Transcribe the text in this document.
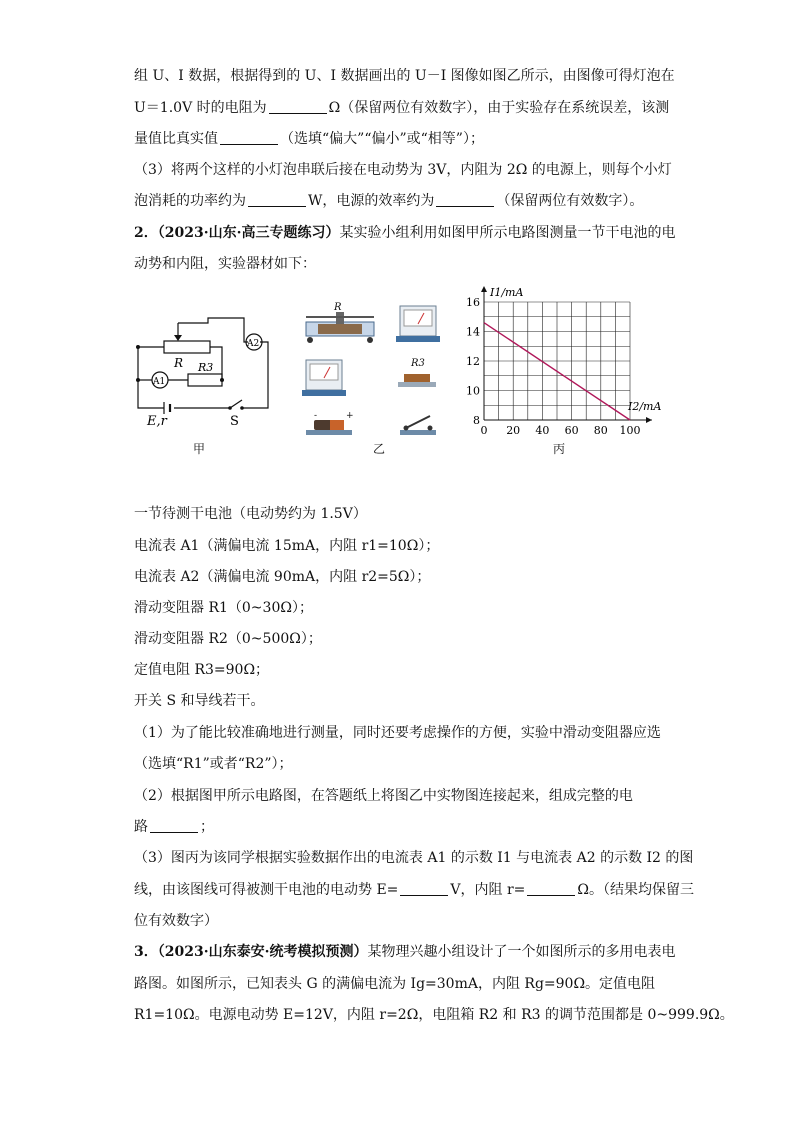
组 U、I 数据，根据得到的 U、I 数据画出的 U－I 图像如图乙所示，由图像可得灯泡在
U＝1.0V 时的电阻为	Ω（保留两位有效数字），由于实验存在系统误差，该测
量值比真实值	（选填“偏大”“偏小”或“相等”）；
（3）将两个这样的小灯泡串联后接在电动势为 3V，内阻为 2Ω 的电源上，则每个小灯
泡消耗的功率约为	W，电源的效率约为	（保留两位有效数字）。
2．（2023·山东·高三专题练习）某实验小组利用如图甲所示电路图测量一节干电池的电
动势和内阻，实验器材如下：
R R3
A1
A2
E,r	S
甲
R
R3
-	+
乙
0 20 40 60 80 100
8
10
12
14
16
I1/mA
I2/mA
丙
一节待测干电池（电动势约为 1.5V）
电流表 A1（满偏电流 15mA，内阻 r1=10Ω）；
电流表 A2（满偏电流 90mA，内阻 r2=5Ω）；
滑动变阻器 R1（0~30Ω）；
滑动变阻器 R2（0~500Ω）；
定值电阻 R3=90Ω；
开关 S 和导线若干。
（1）为了能比较准确地进行测量，同时还要考虑操作的方便，实验中滑动变阻器应选
（选填“R1”或者“R2”）；
（2）根据图甲所示电路图，在答题纸上将图乙中实物图连接起来，组成完整的电
路	；
（3）图丙为该同学根据实验数据作出的电流表 A1 的示数 I1 与电流表 A2 的示数 I2 的图
线，由该图线可得被测干电池的电动势 E=	V，内阻 r=	Ω。（结果均保留三
位有效数字）
3．（2023·山东泰安·统考模拟预测）某物理兴趣小组设计了一个如图所示的多用电表电
路图。如图所示，已知表头 G 的满偏电流为 Ig=30mA，内阻 Rg=90Ω。定值电阻
R1=10Ω。电源电动势 E=12V，内阻 r=2Ω，电阻箱 R2 和 R3 的调节范围都是 0~999.9Ω。
